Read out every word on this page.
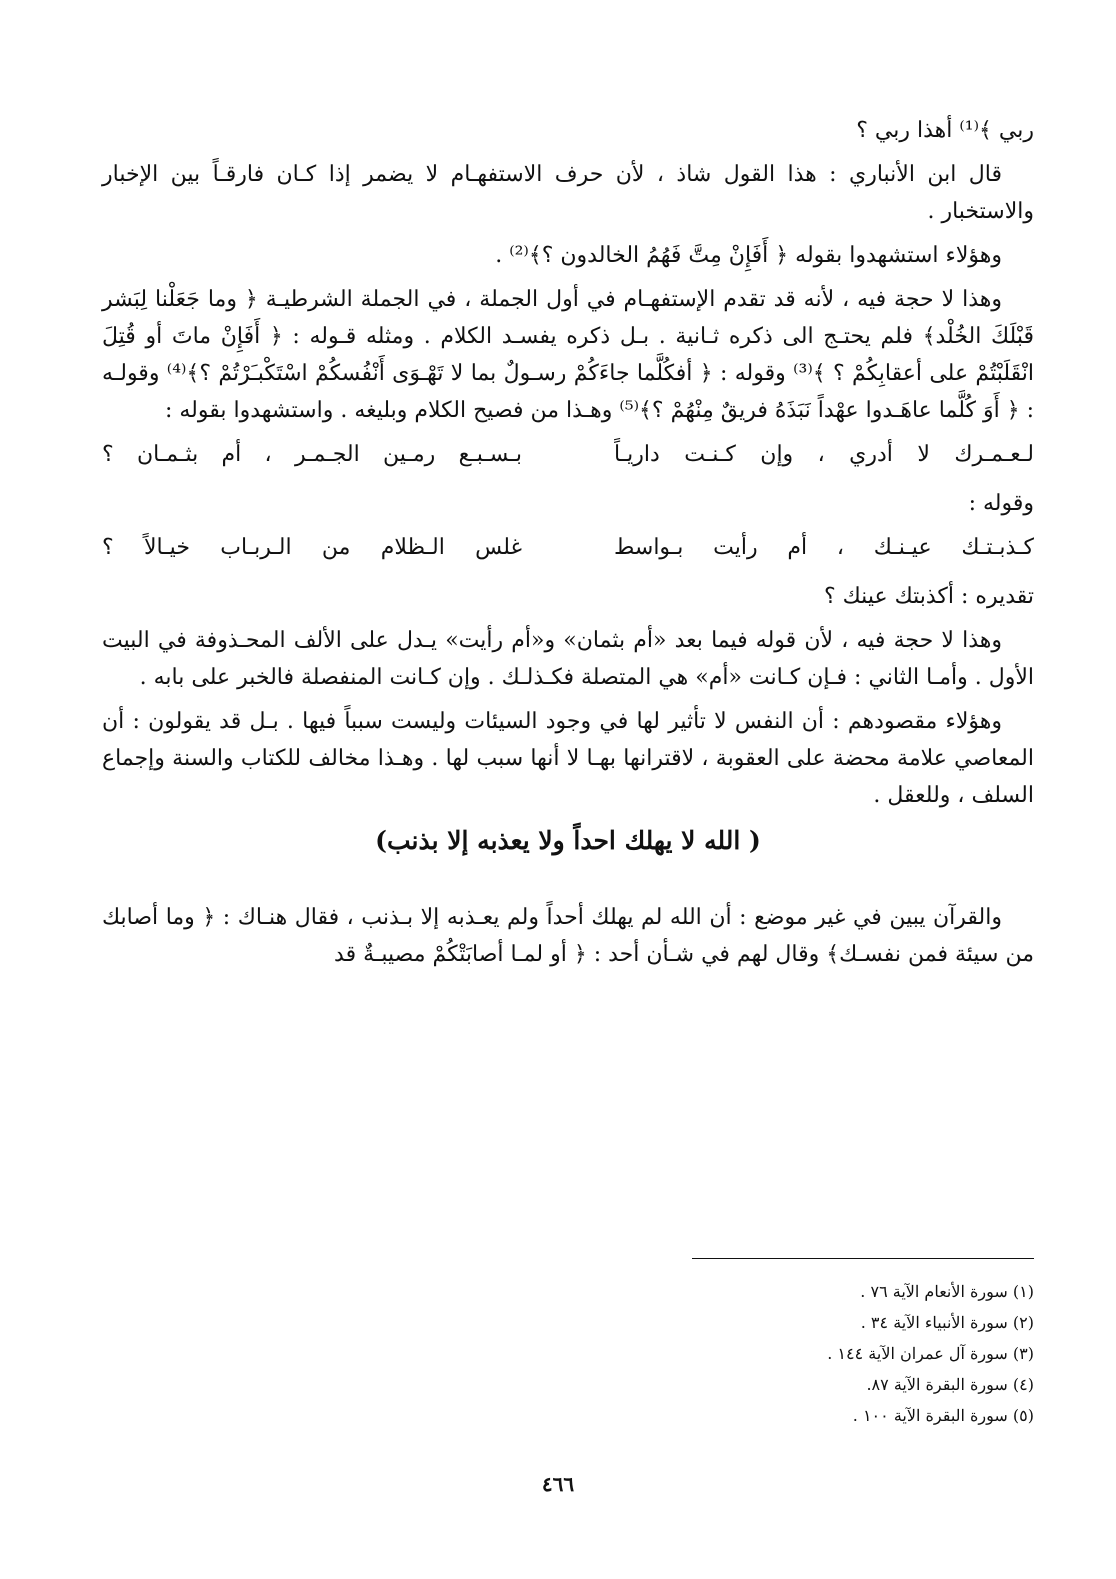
ربي ﴾⁽¹⁾ أهذا ربي ؟

قال ابن الأنباري : هذا القول شاذ ، لأن حرف الاستفهـام لا يضمر إذا كـان فارقـاً بين الإخبار والاستخبار .

وهؤلاء استشهدوا بقوله ﴿ أَفَإِنْ مِتَّ فَهُمُ الخالدون ؟﴾⁽²⁾ .

وهذا لا حجة فيه ، لأنه قد تقدم الإستفهـام في أول الجملة ، في الجملة الشرطيـة ﴿ وما جَعَلْنا لِبَشر قَبْلَكَ الخُلْد﴾ فلم يحتـج الى ذكره ثـانية . بـل ذكره يفسـد الكلام . ومثله قـوله : ﴿ أَفَإِنْ ماتَ أو قُتِلَ انْقَلَبْتُمْ على أعقابِكُمْ ؟ ﴾⁽³⁾ وقوله : ﴿ أفكُلَّما جاءَكُمْ رسـولٌ بما لا تَهْـوَى أَنْفُسكُمْ اسْتَكْبـَرْتُمْ ؟﴾⁽⁴⁾ وقولـه : ﴿ أَوَ كُلَّما عاهَـدوا عهْداً نَبَذَهُ فريقٌ مِنْهُمْ ؟﴾⁽⁵⁾ وهـذا من فصيح الكلام وبليغه . واستشهدوا بقوله :

لـعـمـرك لا أدري ، وإن كـنـت داريـاً
بـسـبـع رمـين الجـمـر ، أم بثـمـان ؟

وقوله :

كـذبـتـك عيـنـك ، أم رأيت بـواسط
غلس الـظلام من الـربـاب خيـالاً ؟

تقديره : أكذبتك عينك ؟

وهذا لا حجة فيه ، لأن قوله فيما بعد «أم بثمان» و«أم رأيت» يـدل على الألف المحـذوفة في البيت الأول . وأمـا الثاني : فـإن كـانت «أم» هي المتصلة فكـذلـك . وإن كـانت المنفصلة فالخبر على بابه .

وهؤلاء مقصودهم : أن النفس لا تأثير لها في وجود السيئات وليست سبباً فيها . بـل قد يقولون : أن المعاصي علامة محضة على العقوبة ، لاقترانها بهـا لا أنها سبب لها . وهـذا مخالف للكتاب والسنة وإجماع السلف ، وللعقل .

( الله لا يهلك احداً ولا يعذبه إلا بذنب)

والقرآن يبين في غير موضع : أن الله لم يهلك أحداً ولم يعـذبه إلا بـذنب ، فقال هنـاك : ﴿ وما أصابك من سيئة فمن نفسـك﴾ وقال لهم في شـأن أحد : ﴿ أو لمـا أصابَتْكُمْ مصيبـةٌ قد

(١) سورة الأنعام الآية ٧٦ .
(٢) سورة الأنبياء الآية ٣٤ .
(٣) سورة آل عمران الآية ١٤٤ .
(٤) سورة البقرة الآية ٨٧.
(٥) سورة البقرة الآية ١٠٠ .
٤٦٦
